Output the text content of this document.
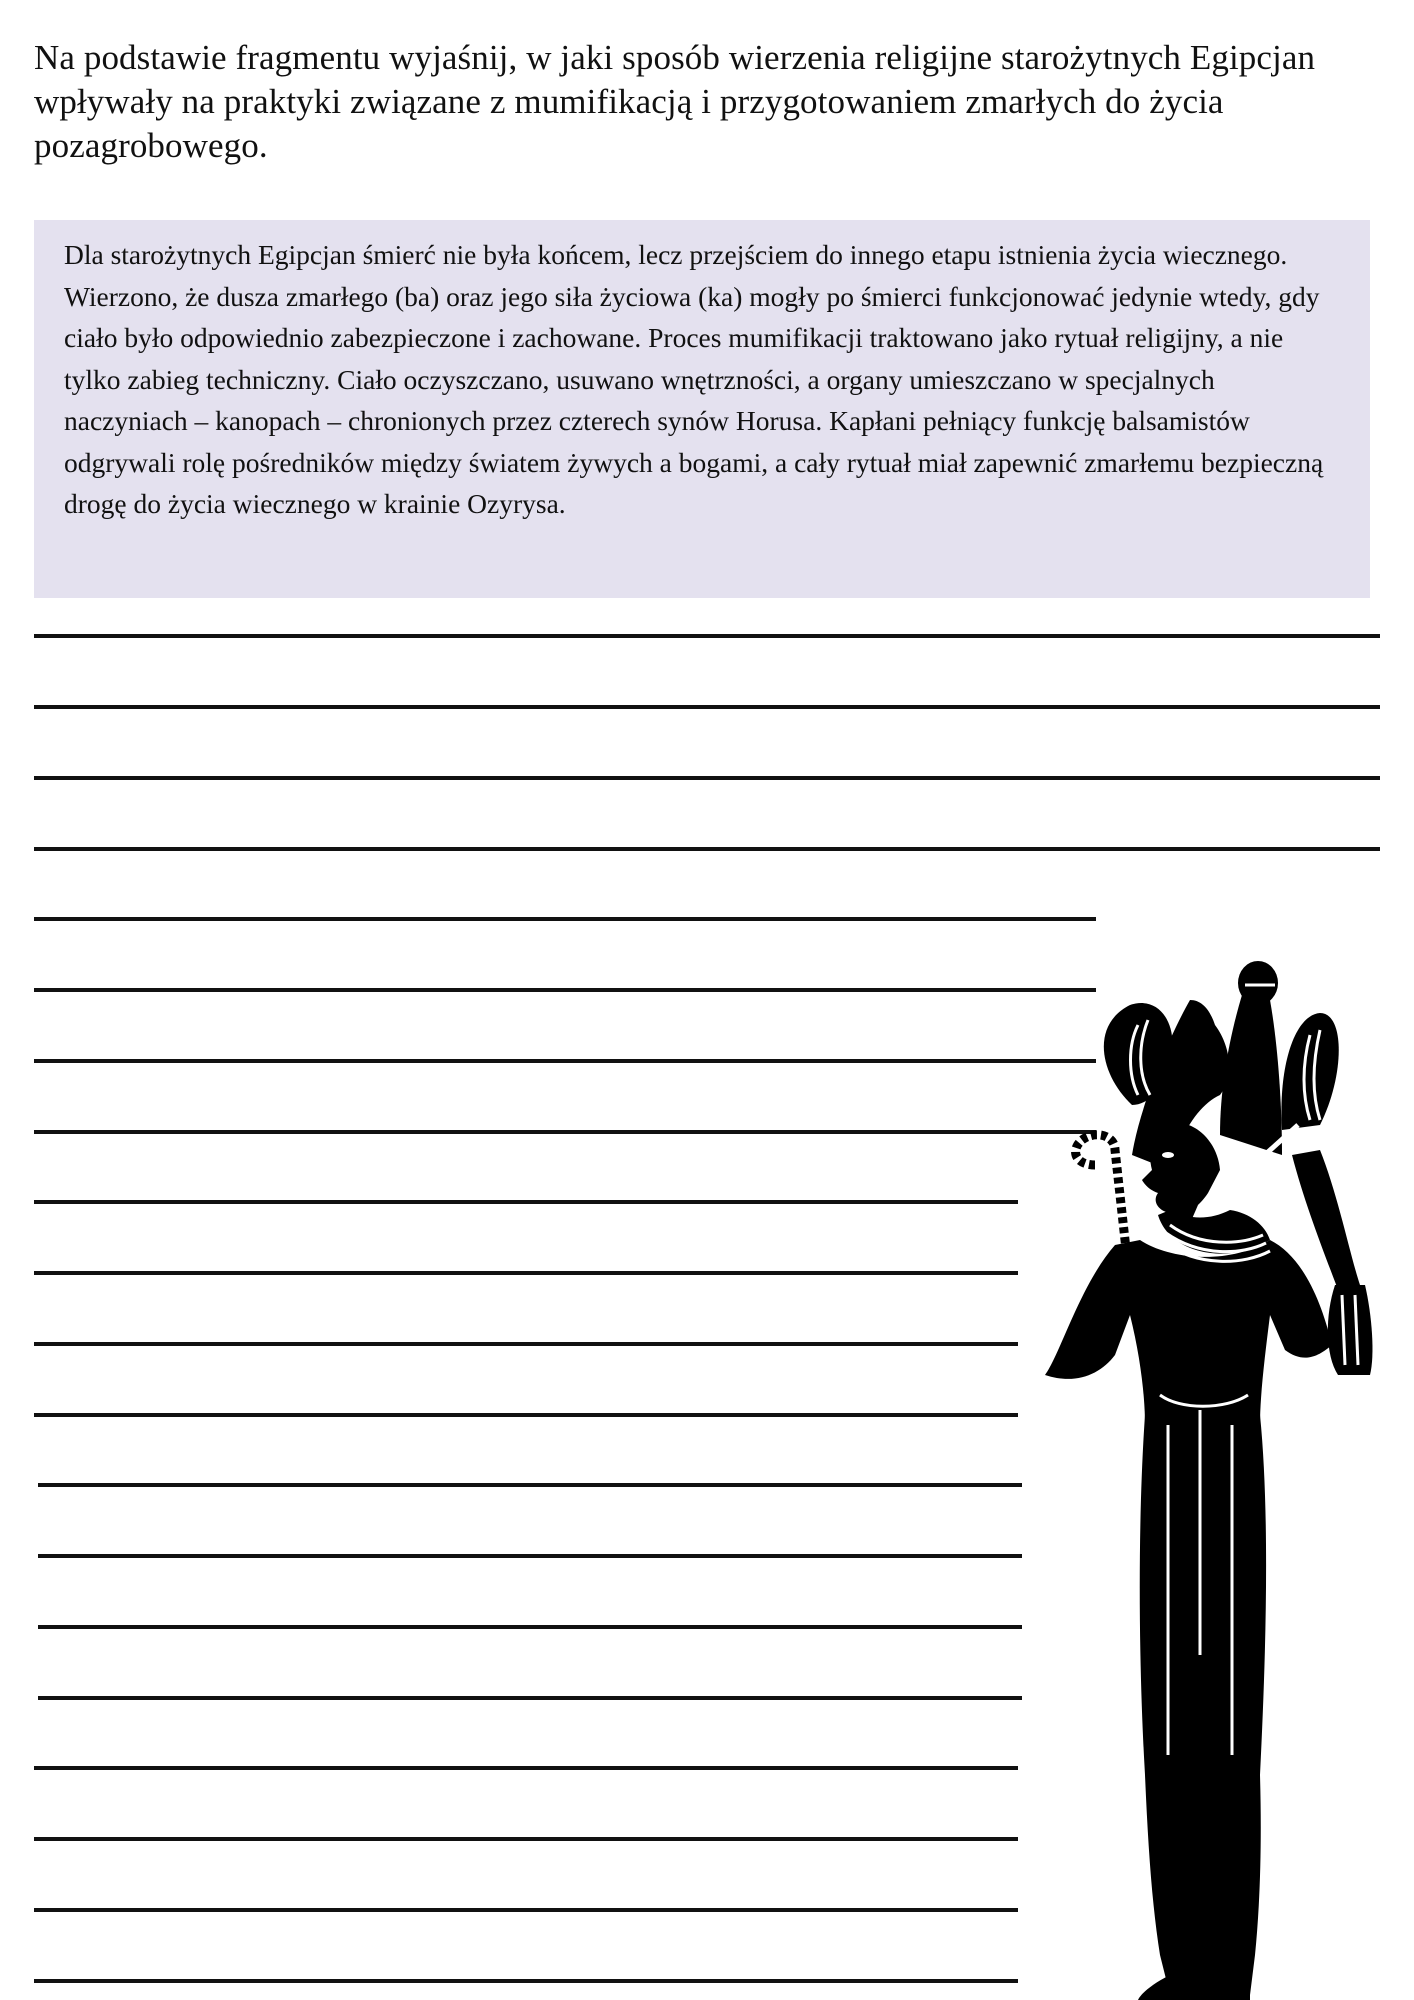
Na podstawie fragmentu wyjaśnij, w jaki sposób wierzenia religijne starożytnych Egipcjan wpływały na praktyki związane z mumifikacją i przygotowaniem zmarłych do życia pozagrobowego.

Dla starożytnych Egipcjan śmierć nie była końcem, lecz przejściem do innego etapu istnienia życia wiecznego. Wierzono, że dusza zmarłego (ba) oraz jego siła życiowa (ka) mogły po śmierci funkcjonować jedynie wtedy, gdy ciało było odpowiednio zabezpieczone i zachowane. Proces mumifikacji traktowano jako rytuał religijny, a nie tylko zabieg techniczny. Ciało oczyszczano, usuwano wnętrzności, a organy umieszczano w specjalnych naczyniach – kanopach – chronionych przez czterech synów Horusa. Kapłani pełniący funkcję balsamistów odgrywali rolę pośredników między światem żywych a bogami, a cały rytuał miał zapewnić zmarłemu bezpieczną drogę do życia wiecznego w krainie Ozyrysa.
